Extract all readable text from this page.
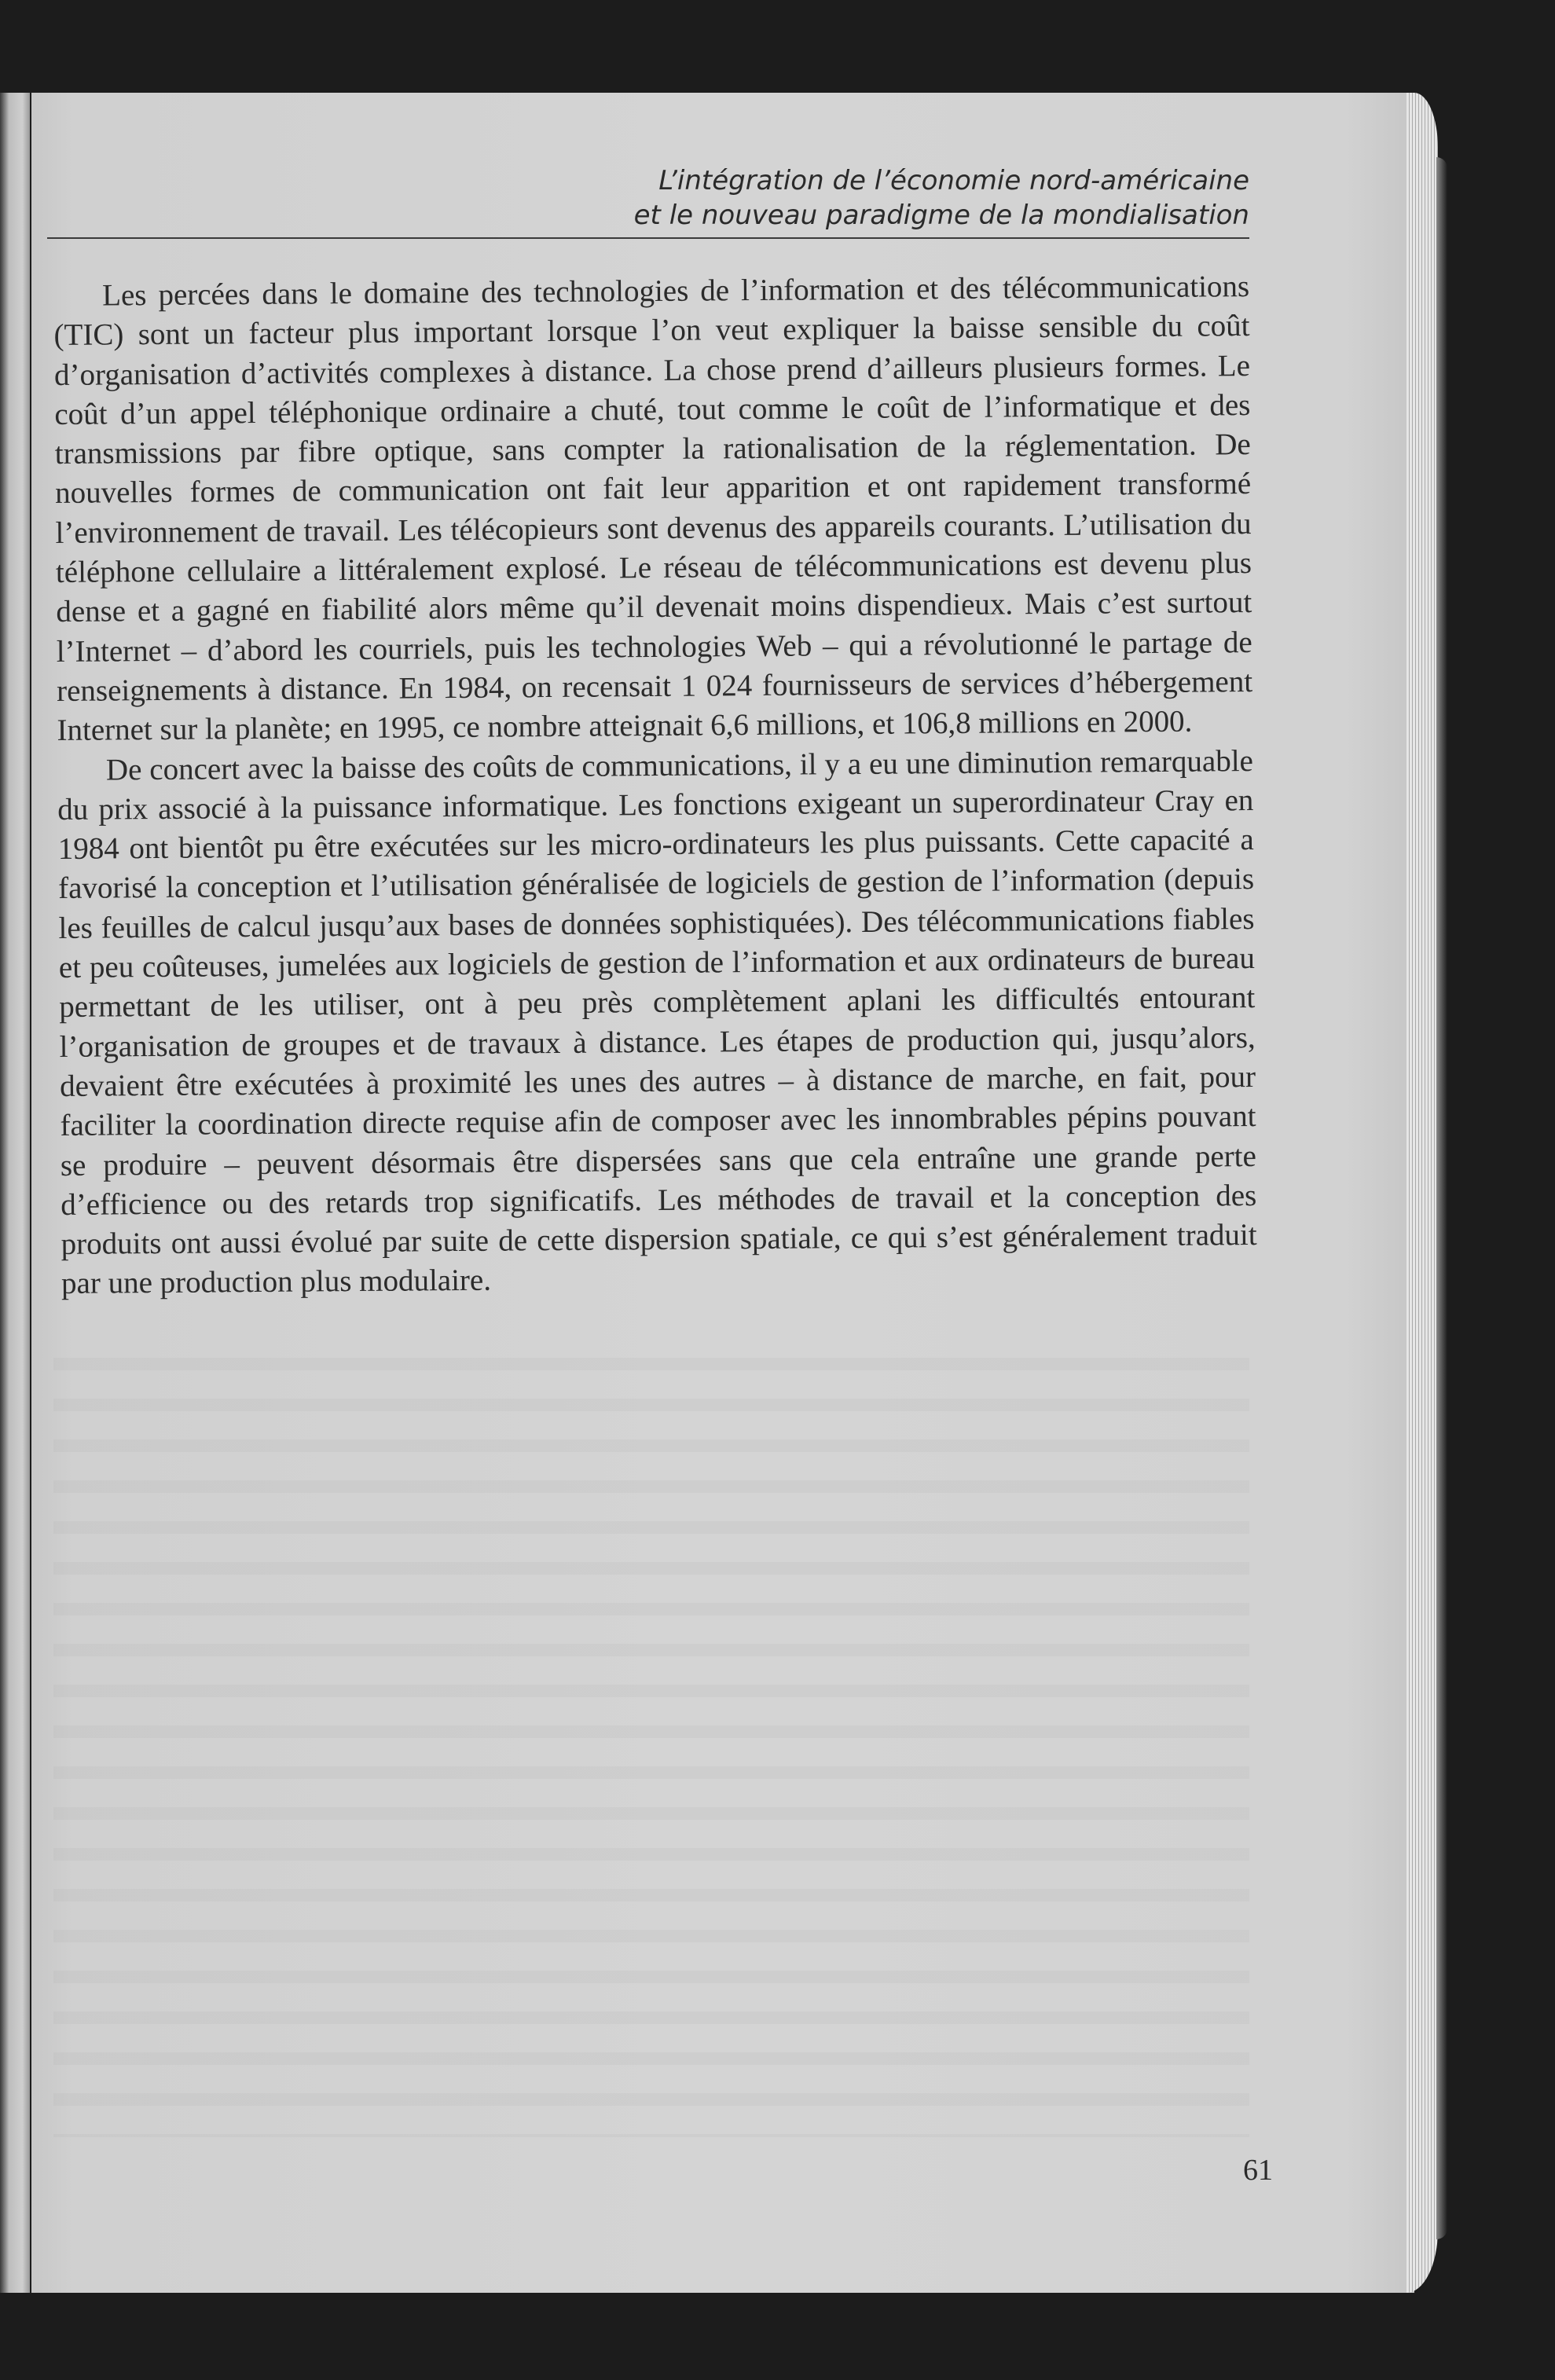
L’intégration de l’économie nord-américaine
et le nouveau paradigme de la mondialisation

Les percées dans le domaine des technologies de l’information et des télécommunications (TIC) sont un facteur plus important lorsque l’on veut expliquer la baisse sensible du coût d’organisation d’activités complexes à distance. La chose prend d’ailleurs plusieurs formes. Le coût d’un appel téléphonique ordinaire a chuté, tout comme le coût de l’informatique et des transmissions par fibre optique, sans compter la rationalisation de la réglementation. De nouvelles formes de communication ont fait leur apparition et ont rapidement transformé l’environnement de travail. Les télécopieurs sont devenus des appareils courants. L’utilisation du téléphone cellulaire a littéralement explosé. Le réseau de télécommunications est devenu plus dense et a gagné en fiabilité alors même qu’il devenait moins dispendieux. Mais c’est surtout l’Internet – d’abord les courriels, puis les technologies Web – qui a révolutionné le partage de renseignements à distance. En 1984, on recensait 1 024 fournisseurs de services d’hébergement Internet sur la planète; en 1995, ce nombre atteignait 6,6 millions, et 106,8 millions en 2000.

De concert avec la baisse des coûts de communications, il y a eu une diminution remarquable du prix associé à la puissance informatique. Les fonctions exigeant un superordinateur Cray en 1984 ont bientôt pu être exécutées sur les micro-ordinateurs les plus puissants. Cette capacité a favorisé la conception et l’utilisation généralisée de logiciels de gestion de l’information (depuis les feuilles de calcul jusqu’aux bases de données sophistiquées). Des télécommunications fiables et peu coûteuses, jumelées aux logiciels de gestion de l’information et aux ordinateurs de bureau permettant de les utiliser, ont à peu près complètement aplani les difficultés entourant l’organisation de groupes et de travaux à distance. Les étapes de production qui, jusqu’alors, devaient être exécutées à proximité les unes des autres – à distance de marche, en fait, pour faciliter la coordination directe requise afin de composer avec les innombrables pépins pouvant se produire – peuvent désormais être dispersées sans que cela entraîne une grande perte d’efficience ou des retards trop significatifs. Les méthodes de travail et la conception des produits ont aussi évolué par suite de cette dispersion spatiale, ce qui s’est généralement traduit par une production plus modulaire.

61
